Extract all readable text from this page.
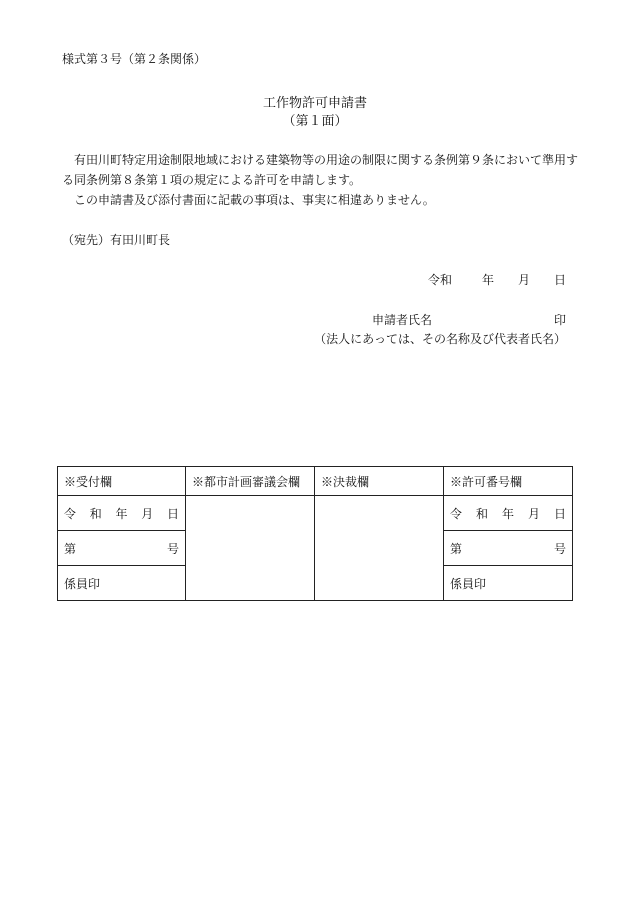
様式第３号（第２条関係）
工作物許可申請書
（第１面）
有田川町特定用途制限地域における建築物等の用途の制限に関する条例第９条において準用する同条例第８条第１項の規定による許可を申請します。
この申請書及び添付書面に記載の事項は、事実に相違ありません。
（宛先）有田川町長
令和	年 月 日
申請者氏名	印
（法人にあっては、その名称及び代表者氏名）
※受付欄	※都市計画審議会欄	※決裁欄	※許可番号欄

令 和 年 月 日			令 和 年 月 日

第 号			第 号

係員印			係員印
